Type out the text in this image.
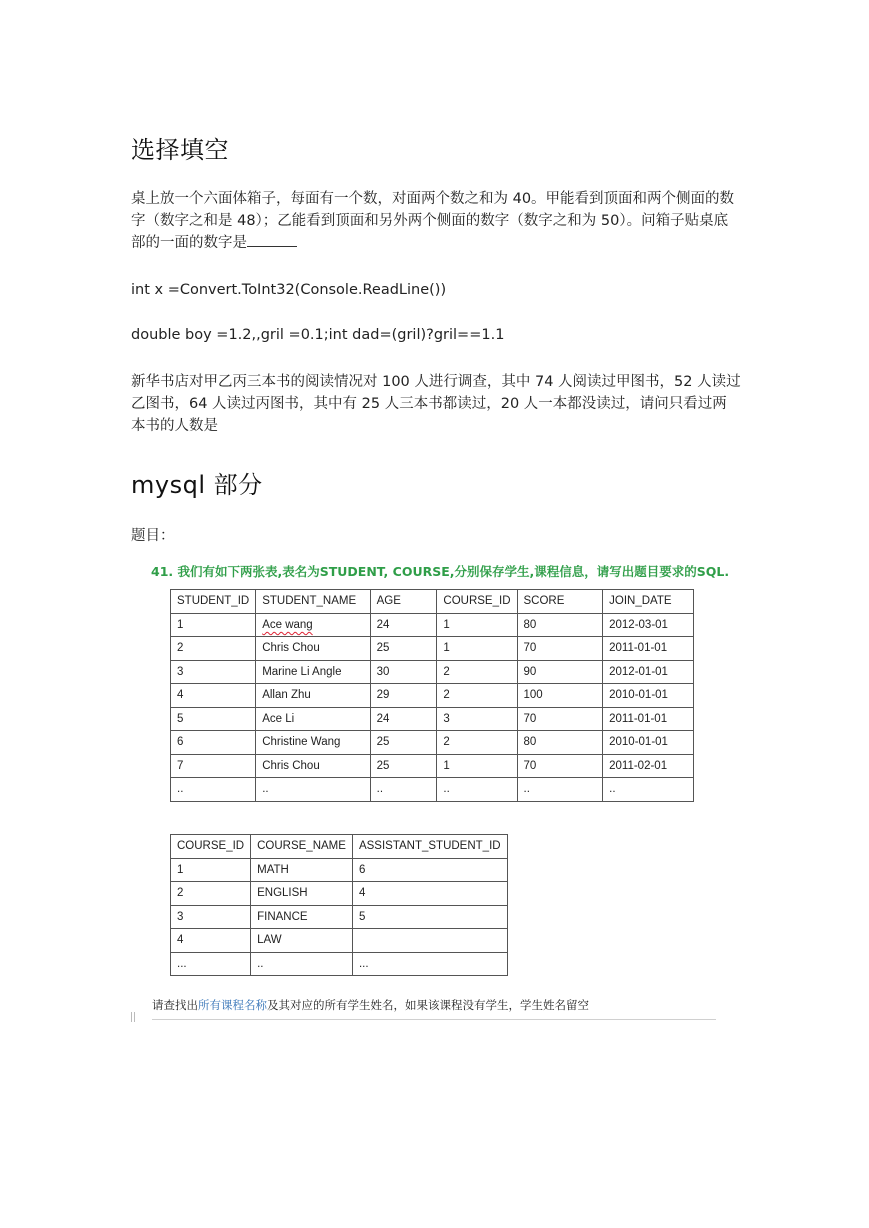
选择填空
桌上放一个六面体箱子，每面有一个数，对面两个数之和为 40。甲能看到顶面和两个侧面的数字（数字之和是 48）；乙能看到顶面和另外两个侧面的数字（数字之和为 50）。问箱子贴桌底部的一面的数字是
int x =Convert.ToInt32(Console.ReadLine())
double boy =1.2,,gril =0.1;int dad=(gril)?gril==1.1
新华书店对甲乙丙三本书的阅读情况对 100 人进行调查，其中 74 人阅读过甲图书，52 人读过乙图书，64 人读过丙图书，其中有 25 人三本书都读过，20 人一本都没读过，请问只看过两本书的人数是
mysql 部分
题目：
41. 我们有如下两张表,表名为STUDENT, COURSE,分别保存学生,课程信息，请写出题目要求的SQL.
STUDENT_ID	STUDENT_NAME	AGE	COURSE_ID	SCORE	JOIN_DATE
1	Ace wang	24	1	80	2012-03-01
2	Chris Chou	25	1	70	2011-01-01
3	Marine Li Angle	30	2	90	2012-01-01
4	Allan Zhu	29	2	100	2010-01-01
5	Ace Li	24	3	70	2011-01-01
6	Christine Wang	25	2	80	2010-01-01
7	Chris Chou	25	1	70	2011-02-01
..	..	..	..	..	..
COURSE_ID	COURSE_NAME	ASSISTANT_STUDENT_ID
1	MATH	6
2	ENGLISH	4
3	FINANCE	5
4	LAW	
...	..	...
请查找出所有课程名称及其对应的所有学生姓名，如果该课程没有学生，学生姓名留空
